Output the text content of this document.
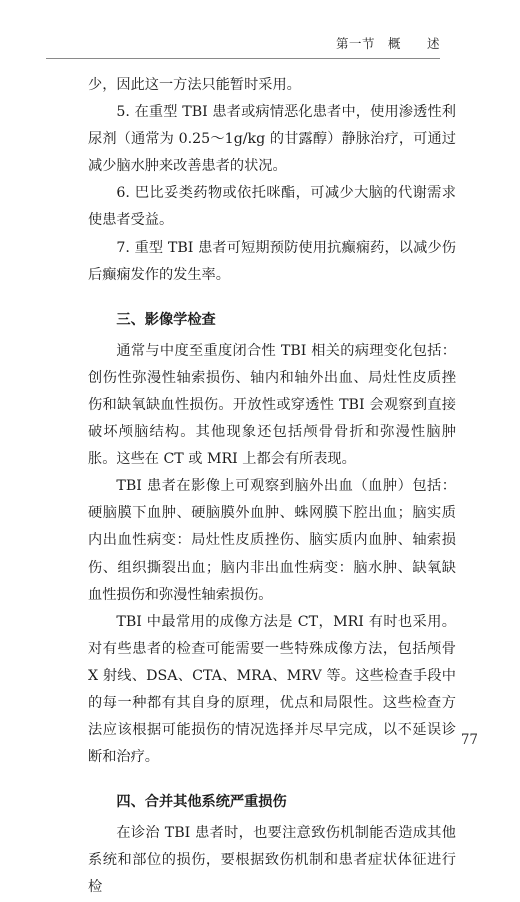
第一节　概　　述

少，因此这一方法只能暂时采用。

5. 在重型 TBI 患者或病情恶化患者中，使用渗透性利尿剂（通常为 0.25～1g/kg 的甘露醇）静脉治疗，可通过减少脑水肿来改善患者的状况。

6. 巴比妥类药物或依托咪酯，可减少大脑的代谢需求使患者受益。

7. 重型 TBI 患者可短期预防使用抗癫痫药，以减少伤后癫痫发作的发生率。

三、影像学检查

通常与中度至重度闭合性 TBI 相关的病理变化包括：创伤性弥漫性轴索损伤、轴内和轴外出血、局灶性皮质挫伤和缺氧缺血性损伤。开放性或穿透性 TBI 会观察到直接破坏颅脑结构。其他现象还包括颅骨骨折和弥漫性脑肿胀。这些在 CT 或 MRI 上都会有所表现。

TBI 患者在影像上可观察到脑外出血（血肿）包括：硬脑膜下血肿、硬脑膜外血肿、蛛网膜下腔出血；脑实质内出血性病变：局灶性皮质挫伤、脑实质内血肿、轴索损伤、组织撕裂出血；脑内非出血性病变：脑水肿、缺氧缺血性损伤和弥漫性轴索损伤。

TBI 中最常用的成像方法是 CT，MRI 有时也采用。对有些患者的检查可能需要一些特殊成像方法，包括颅骨 X 射线、DSA、CTA、MRA、MRV 等。这些检查手段中的每一种都有其自身的原理，优点和局限性。这些检查方法应该根据可能损伤的情况选择并尽早完成，以不延误诊断和治疗。

四、合并其他系统严重损伤

在诊治 TBI 患者时，也要注意致伤机制能否造成其他系统和部位的损伤，要根据致伤机制和患者症状体征进行检

77
